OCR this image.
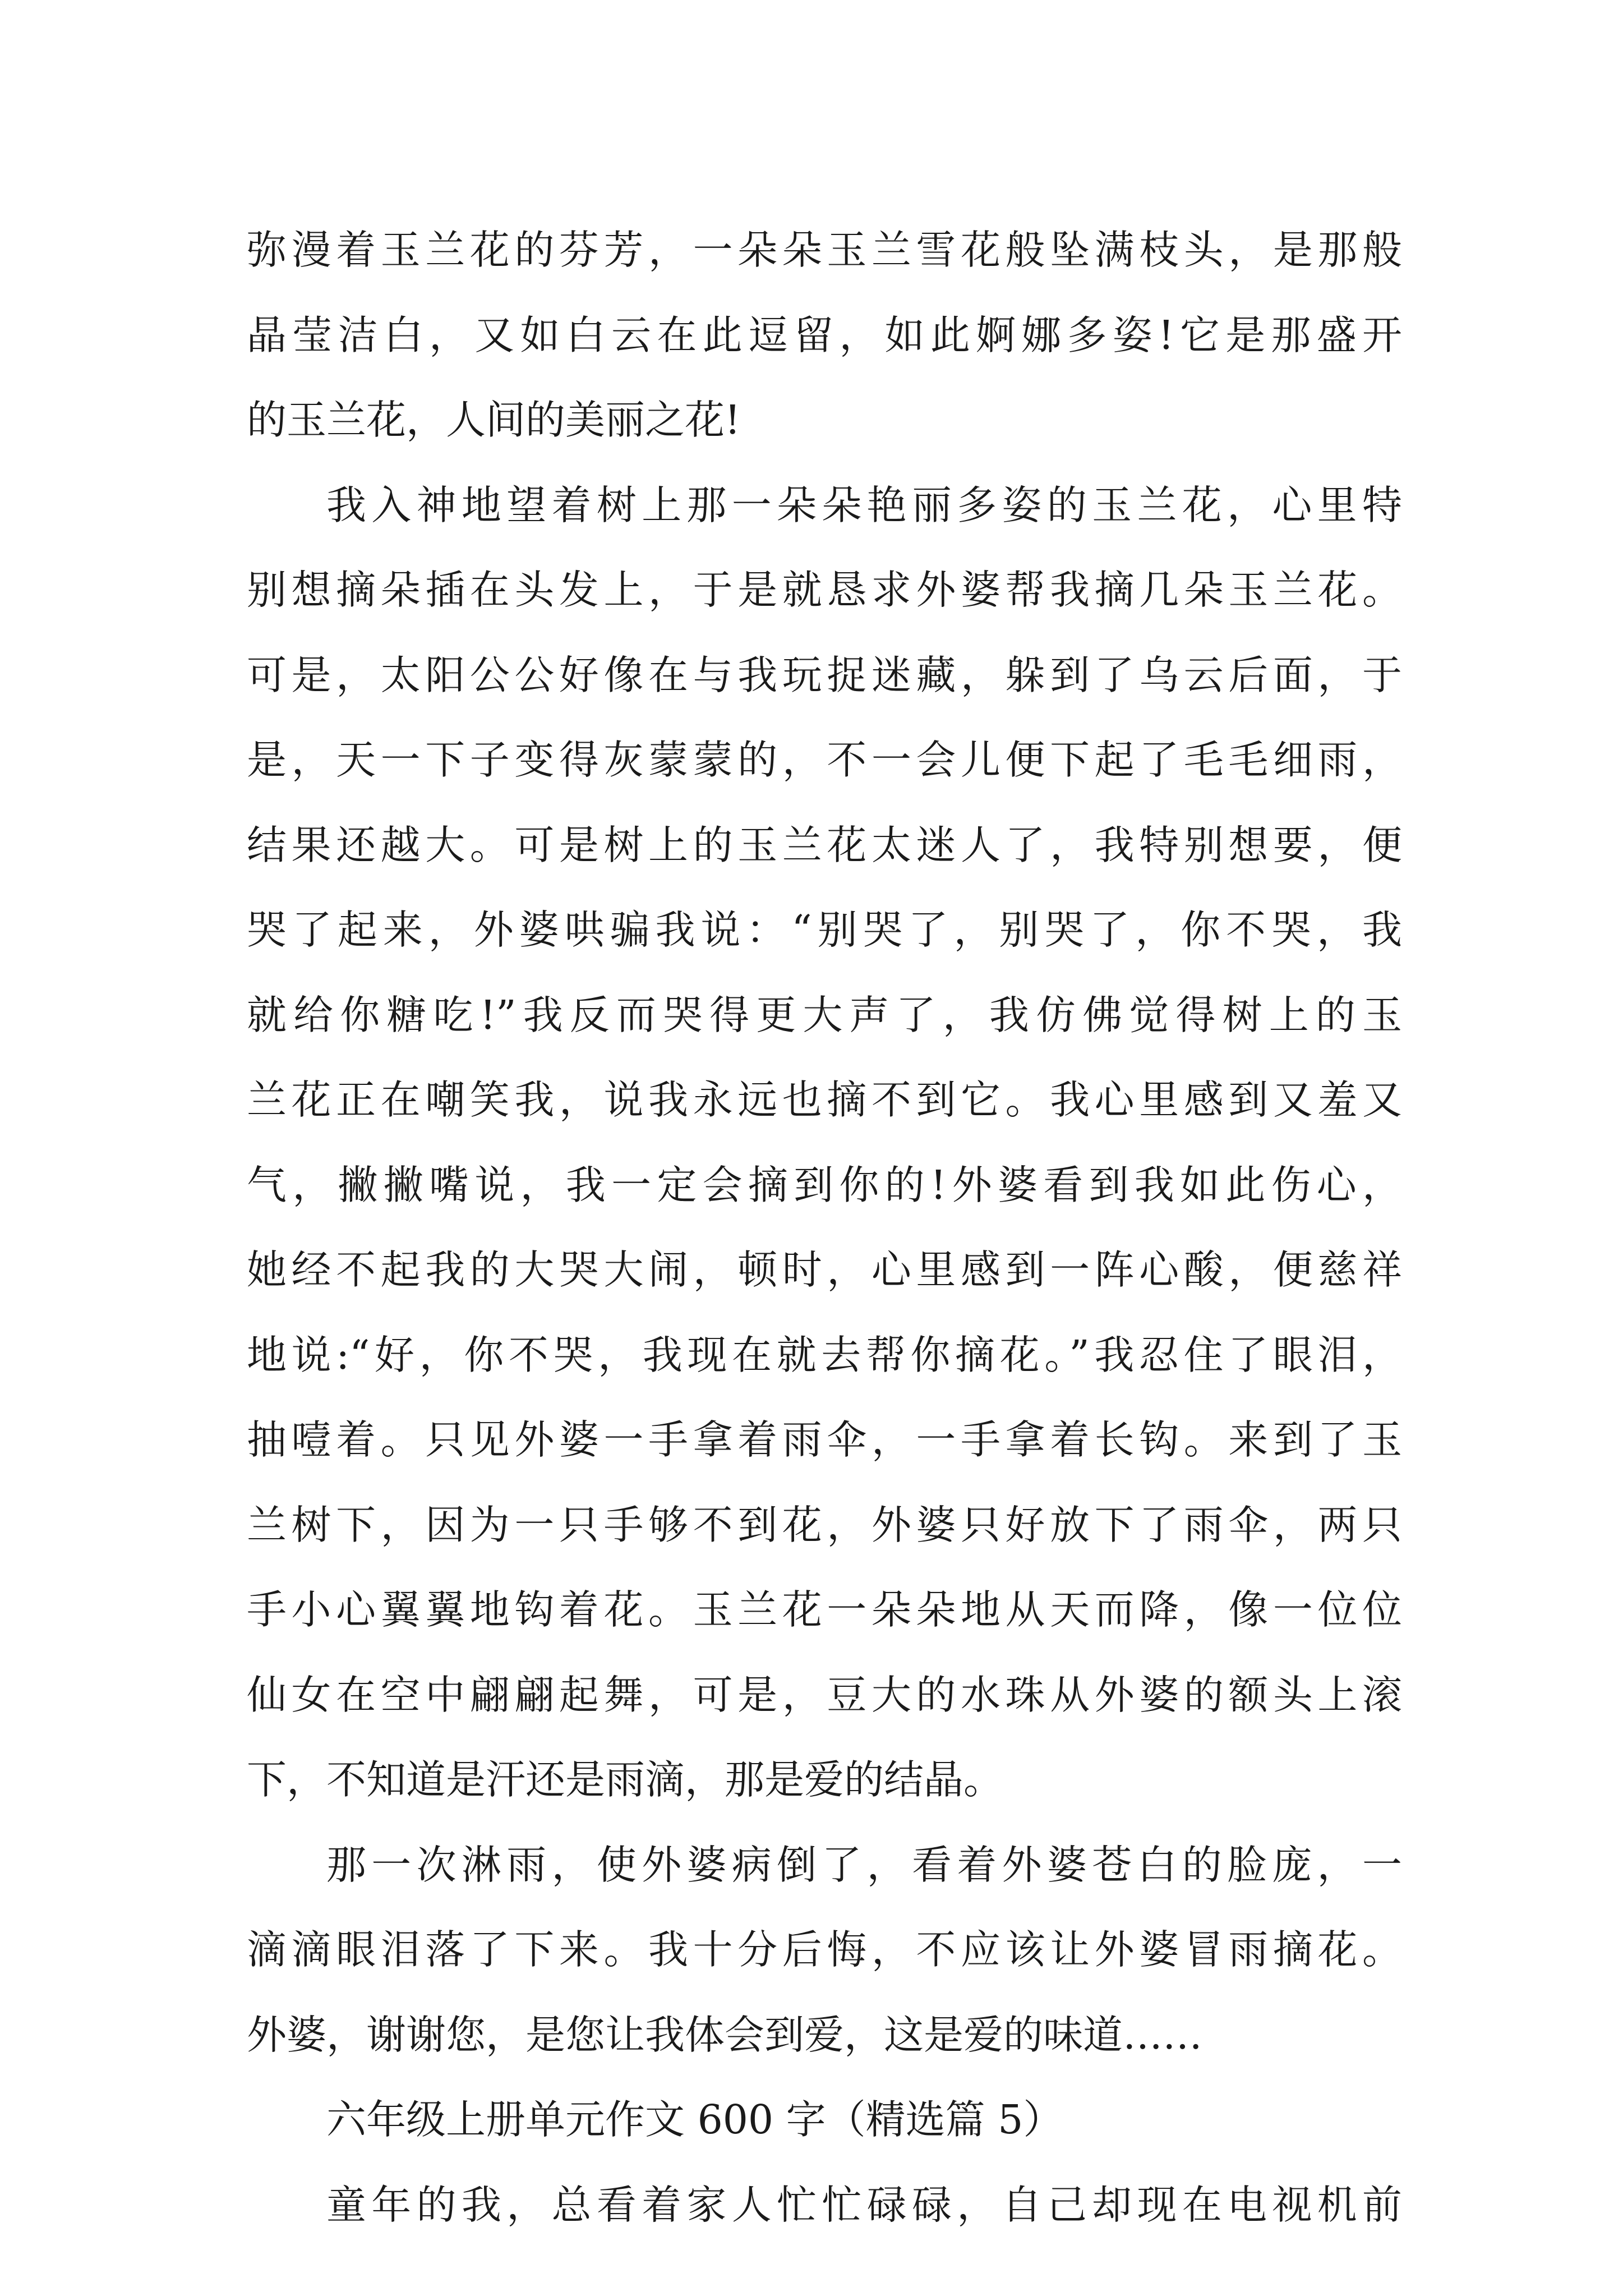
弥漫着玉兰花的芬芳，一朵朵玉兰雪花般坠满枝头，是那般
晶莹洁白，又如白云在此逗留，如此婀娜多姿!它是那盛开
的玉兰花，人间的美丽之花!
我入神地望着树上那一朵朵艳丽多姿的玉兰花，心里特
别想摘朵插在头发上，于是就恳求外婆帮我摘几朵玉兰花。
可是，太阳公公好像在与我玩捉迷藏，躲到了乌云后面，于
是，天一下子变得灰蒙蒙的，不一会儿便下起了毛毛细雨，
结果还越大。可是树上的玉兰花太迷人了，我特别想要，便
哭了起来，外婆哄骗我说：“别哭了，别哭了，你不哭，我
就给你糖吃!”我反而哭得更大声了，我仿佛觉得树上的玉
兰花正在嘲笑我，说我永远也摘不到它。我心里感到又羞又
气，撇撇嘴说，我一定会摘到你的!外婆看到我如此伤心，
她经不起我的大哭大闹，顿时，心里感到一阵心酸，便慈祥
地说:“好，你不哭，我现在就去帮你摘花。”我忍住了眼泪，
抽噎着。只见外婆一手拿着雨伞，一手拿着长钩。来到了玉
兰树下，因为一只手够不到花，外婆只好放下了雨伞，两只
手小心翼翼地钩着花。玉兰花一朵朵地从天而降，像一位位
仙女在空中翩翩起舞，可是，豆大的水珠从外婆的额头上滚
下，不知道是汗还是雨滴，那是爱的结晶。
那一次淋雨，使外婆病倒了，看着外婆苍白的脸庞，一
滴滴眼泪落了下来。我十分后悔，不应该让外婆冒雨摘花。
外婆，谢谢您，是您让我体会到爱，这是爱的味道……
六年级上册单元作文 600 字（精选篇 5）
童年的我，总看着家人忙忙碌碌，自己却现在电视机前
